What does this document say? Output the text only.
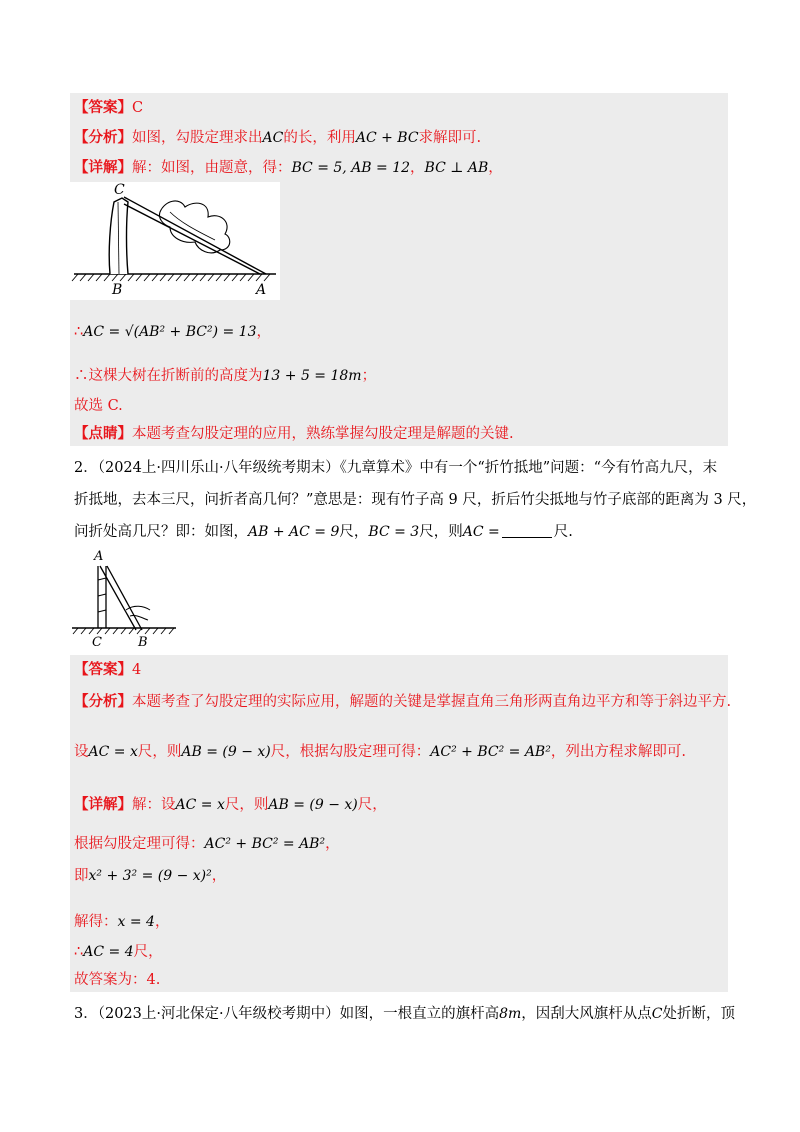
【答案】C
【分析】如图，勾股定理求出AC的长，利用AC + BC求解即可.
【详解】解：如图，由题意，得：BC = 5, AB = 12，BC ⊥ AB，
C
B	A
∴AC = √(AB² + BC²) = 13，
∴这棵大树在折断前的高度为13 + 5 = 18m；
故选 C.
【点睛】本题考查勾股定理的应用，熟练掌握勾股定理是解题的关键.
2．（2024上·四川乐山·八年级统考期末）《九章算术》中有一个“折竹抵地”问题：“今有竹高九尺，末
折抵地，去本三尺，问折者高几何？”意思是：现有竹子高 9 尺，折后竹尖抵地与竹子底部的距离为 3 尺，
问折处高几尺？即：如图，AB + AC = 9尺，BC = 3尺，则AC =	尺.
A
C	B
【答案】4
【分析】本题考查了勾股定理的实际应用，解题的关键是掌握直角三角形两直角边平方和等于斜边平方.
设AC = x尺，则AB = (9 − x)尺，根据勾股定理可得：AC² + BC² = AB²，列出方程求解即可.
【详解】解：设AC = x尺，则AB = (9 − x)尺，
根据勾股定理可得：AC² + BC² = AB²，
即x² + 3² = (9 − x)²，
解得：x = 4，
∴AC = 4尺，
故答案为：4.
3．（2023上·河北保定·八年级校考期中）如图，一根直立的旗杆高8m，因刮大风旗杆从点C处折断，顶
